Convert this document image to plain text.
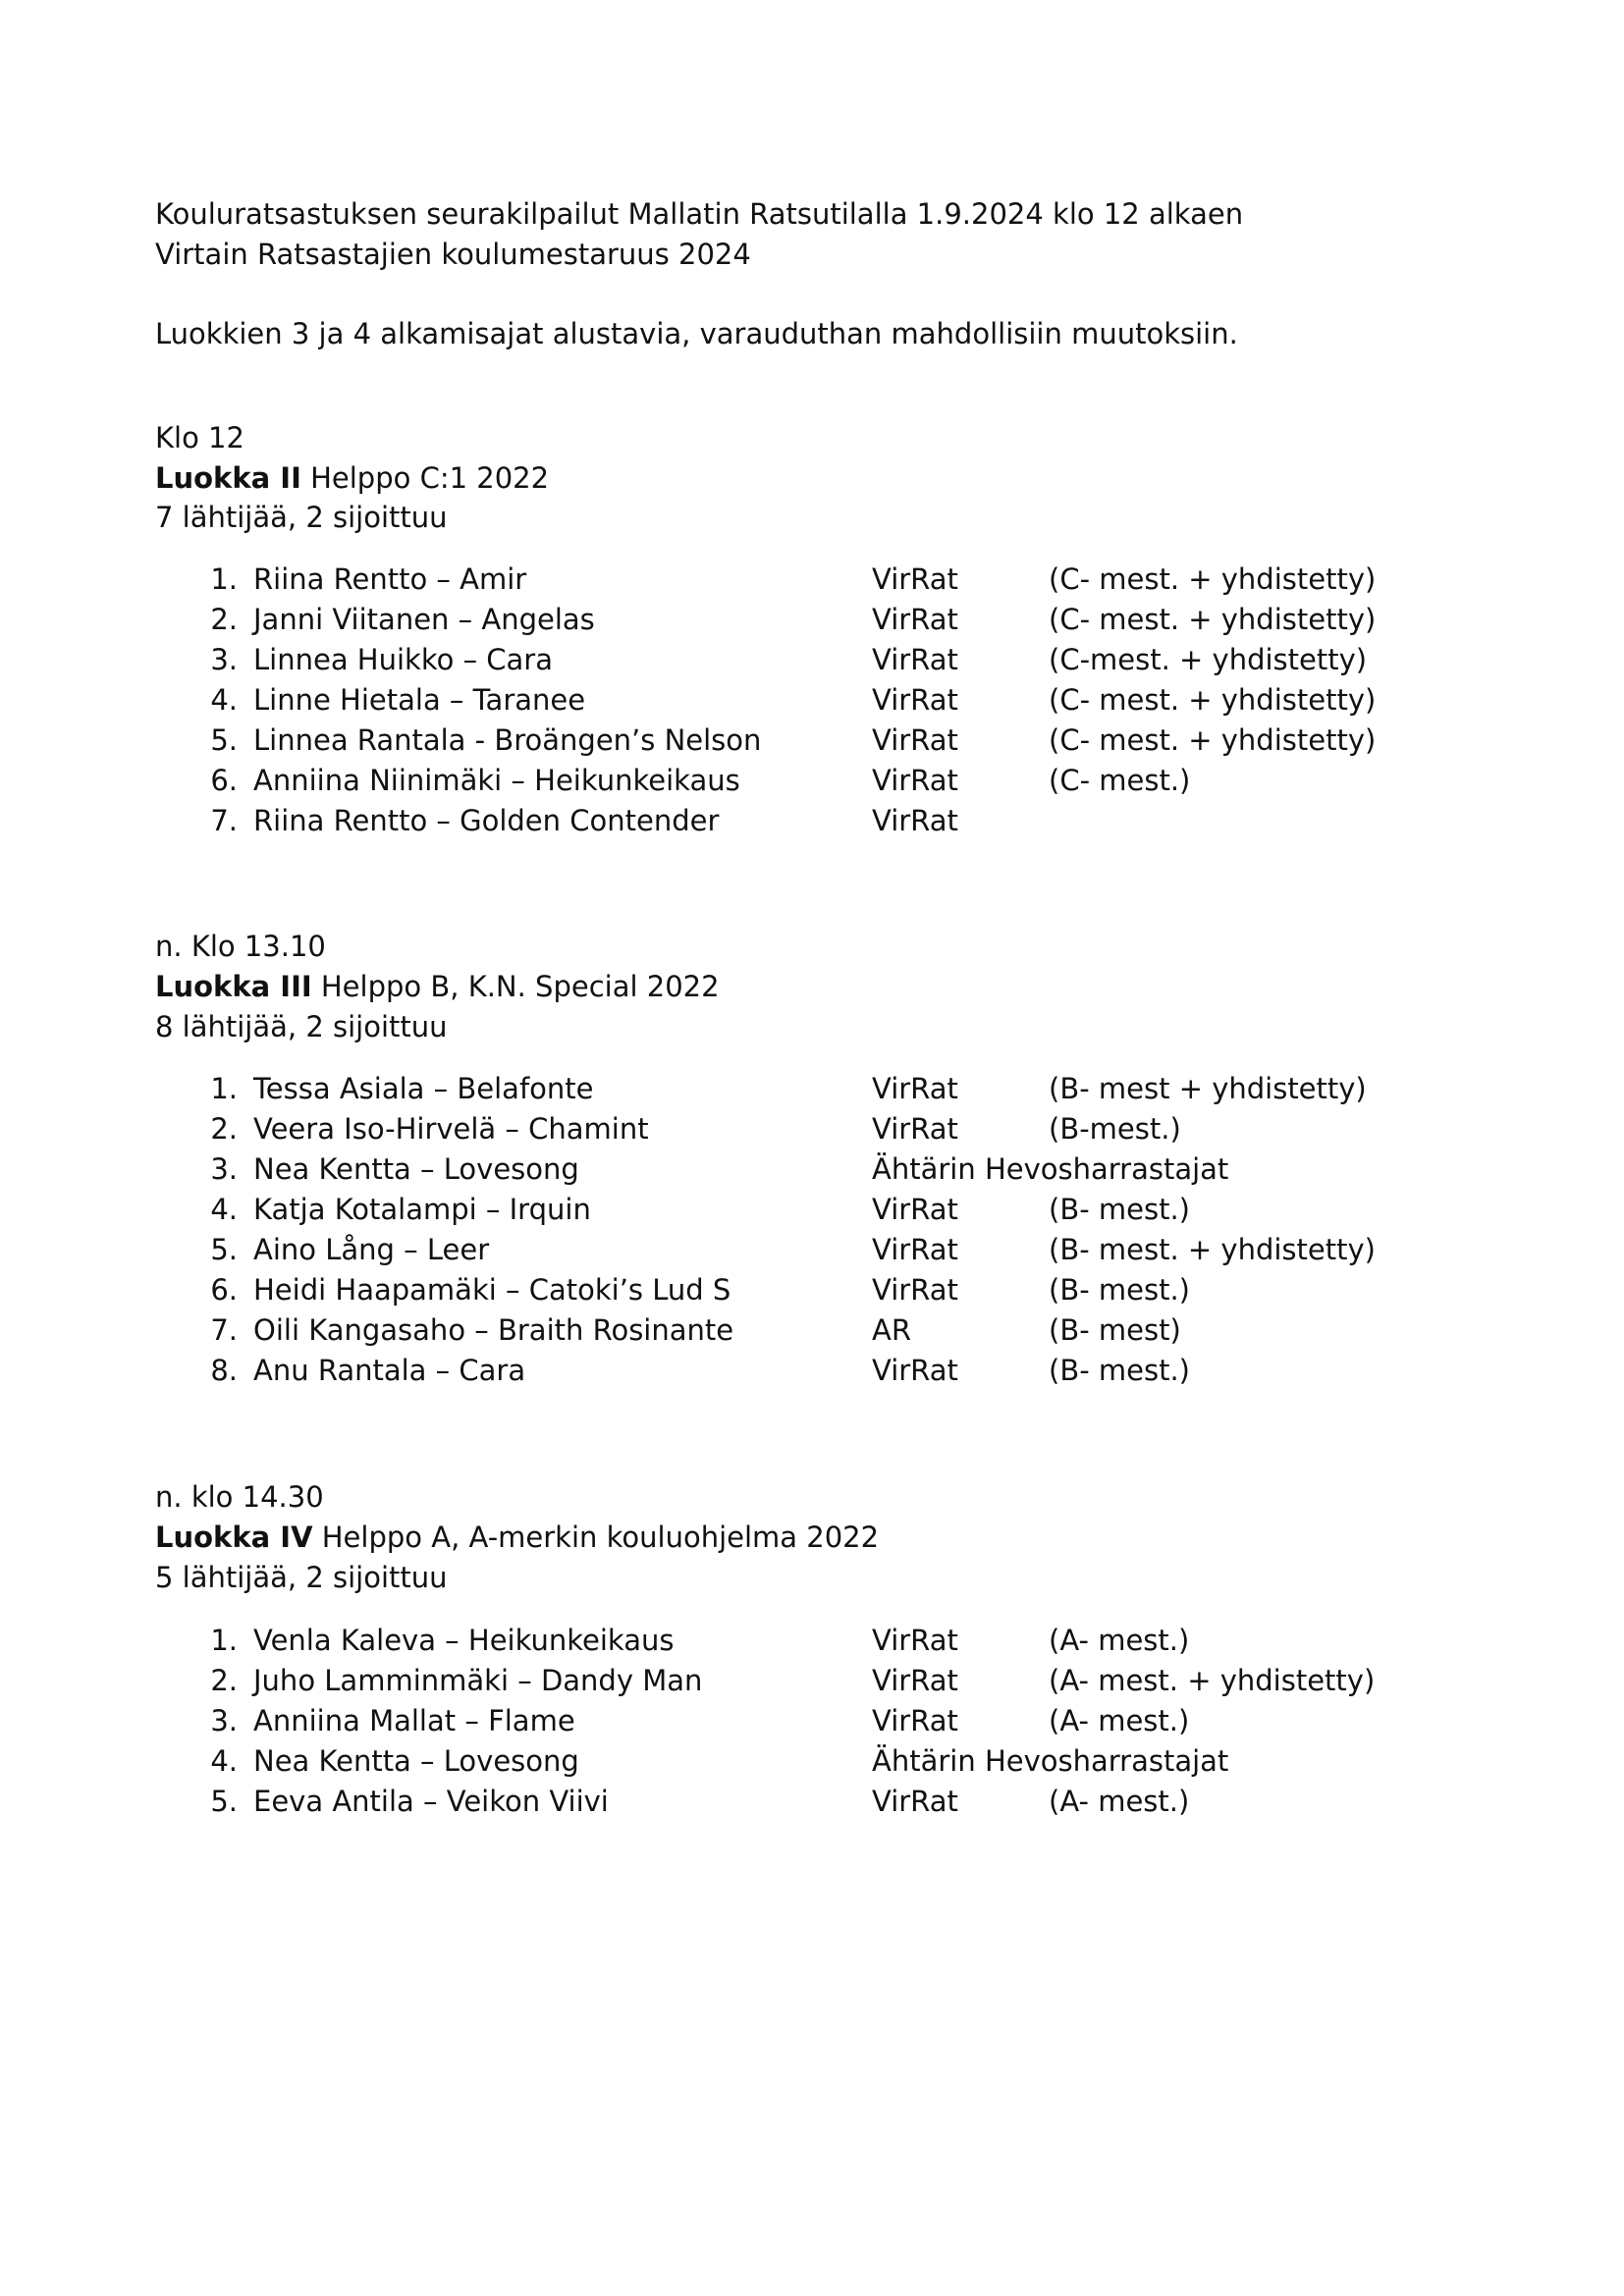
Kouluratsastuksen seurakilpailut Mallatin Ratsutilalla 1.9.2024 klo 12 alkaen
Virtain Ratsastajien koulumestaruus 2024
Luokkien 3 ja 4 alkamisajat alustavia, varauduthan mahdollisiin muutoksiin.
Klo 12
Luokka II Helppo C:1 2022
7 lähtijää, 2 sijoittuu
1. Riina Rentto – Amir	VirRat	(C- mest. + yhdistetty)
2. Janni Viitanen – Angelas	VirRat	(C- mest. + yhdistetty)
3. Linnea Huikko – Cara	VirRat	(C-mest. + yhdistetty)
4. Linne Hietala – Taranee	VirRat	(C- mest. + yhdistetty)
5. Linnea Rantala - Broängen’s Nelson	VirRat	(C- mest. + yhdistetty)
6. Anniina Niinimäki – Heikunkeikaus	VirRat	(C- mest.)
7. Riina Rentto – Golden Contender	VirRat
n. Klo 13.10
Luokka III Helppo B, K.N. Special 2022
8 lähtijää, 2 sijoittuu
1. Tessa Asiala – Belafonte	VirRat	(B- mest + yhdistetty)
2. Veera Iso-Hirvelä – Chamint	VirRat	(B-mest.)
3. Nea Kentta – Lovesong	Ähtärin Hevosharrastajat
4. Katja Kotalampi – Irquin	VirRat	(B- mest.)
5. Aino Lång – Leer	VirRat	(B- mest. + yhdistetty)
6. Heidi Haapamäki – Catoki’s Lud S	VirRat	(B- mest.)
7. Oili Kangasaho – Braith Rosinante	AR	(B- mest)
8. Anu Rantala – Cara	VirRat	(B- mest.)
n. klo 14.30
Luokka IV Helppo A, A-merkin kouluohjelma 2022
5 lähtijää, 2 sijoittuu
1. Venla Kaleva – Heikunkeikaus	VirRat	(A- mest.)
2. Juho Lamminmäki – Dandy Man	VirRat	(A- mest. + yhdistetty)
3. Anniina Mallat – Flame	VirRat	(A- mest.)
4. Nea Kentta – Lovesong	Ähtärin Hevosharrastajat
5. Eeva Antila – Veikon Viivi	VirRat	(A- mest.)
